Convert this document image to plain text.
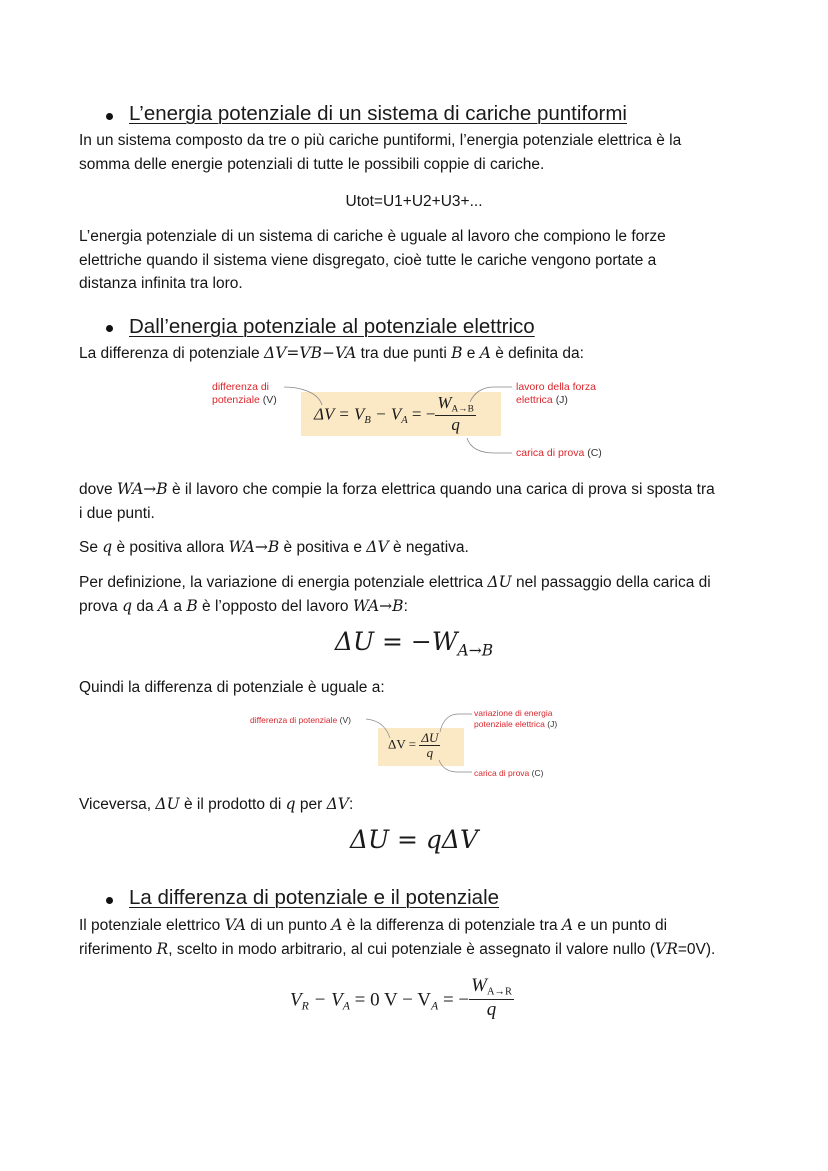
L’energia potenziale di un sistema di cariche puntiformi
In un sistema composto da tre o più cariche puntiformi, l’energia potenziale elettrica è la
somma delle energie potenziali di tutte le possibili coppie di cariche.
Utot=U1+U2+U3+...
L’energia potenziale di un sistema di cariche è uguale al lavoro che compiono le forze
elettriche quando il sistema viene disgregato, cioè tutte le cariche vengono portate a
distanza infinita tra loro.
Dall’energia potenziale al potenziale elettrico
La differenza di potenziale ΔV=VB−VA tra due punti B e A è definita da:
$\Delta V = V_B - V_A$ = − $\frac{W_{A\to B}}{q}$
differenza di
potenziale (V)
lavoro della forza
elettrica (J)
carica di prova (C)
dove WA→B è il lavoro che compie la forza elettrica quando una carica di prova si sposta tra
i due punti.
Se q è positiva allora WA→B è positiva e ΔV è negativa.
Per definizione, la variazione di energia potenziale elettrica ΔU nel passaggio della carica di
prova q da A a B è l’opposto del lavoro WA→B:
$\Delta U = -W_{A\to B}$
Quindi la differenza di potenziale è uguale a:
$\Delta V = \frac{\Delta U}{q}$
differenza di potenziale (V)
variazione di energia
potenziale elettrica (J)
carica di prova (C)
Viceversa, ΔU è il prodotto di q per ΔV:
ΔU = qΔV
La differenza di potenziale e il potenziale
Il potenziale elettrico VA di un punto A è la differenza di potenziale tra A e un punto di
riferimento R, scelto in modo arbitrario, al cui potenziale è assegnato il valore nullo (VR=0V).
$V_R - V_A = 0$ $V - V_A$ = − $\frac{W_{A\to R}}{q}$
